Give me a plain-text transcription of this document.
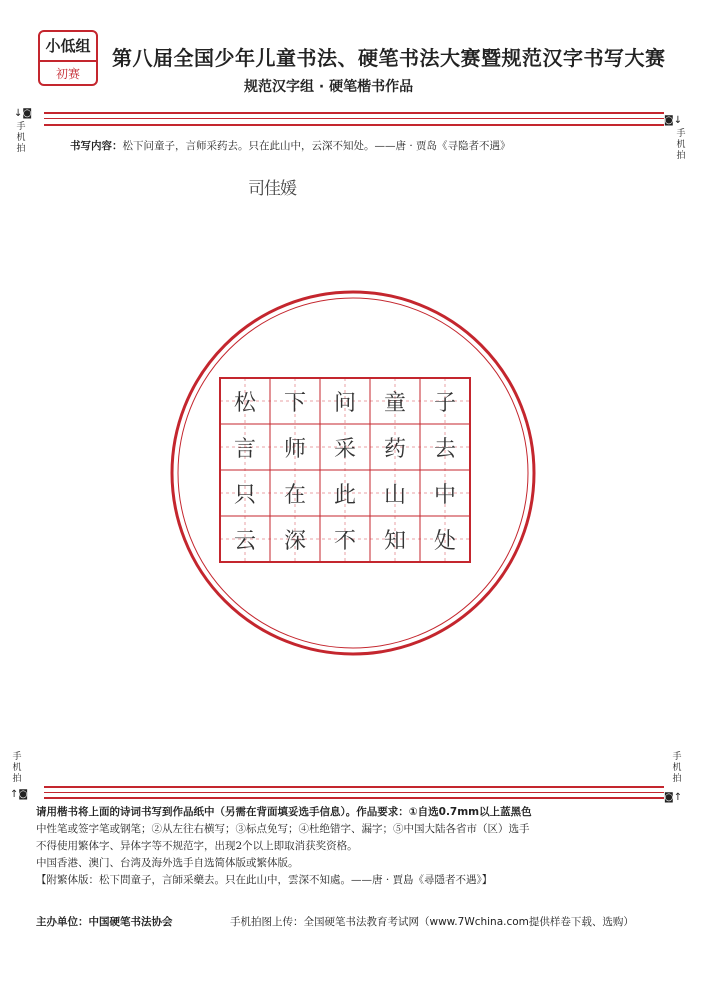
小低组
初赛
第八届全国少年儿童书法、硬笔书法大赛暨规范汉字书写大赛
规范汉字组 · 硬笔楷书作品
↓◙
手机拍
◙↓
手机拍
书写内容：松下问童子，言师采药去。只在此山中，云深不知处。——唐 · 贾岛《寻隐者不遇》
司佳媛
松	下	问	童	子
言	师	采	药	去
只	在	此	山	中
云	深	不	知	处
手机拍
↑◙
手机拍
◙↑
请用楷书将上面的诗词书写到作品纸中（另需在背面填妥选手信息）。作品要求：①自选0.7mm以上蓝黑色
中性笔或签字笔或钢笔；②从左往右横写；③标点免写；④杜绝错字、漏字；⑤中国大陆各省市（区）选手
不得使用繁体字、异体字等不规范字，出现2个以上即取消获奖资格。
中国香港、澳门、台湾及海外选手自选简体版或繁体版。
【附繁体版：松下問童子，言師采藥去。只在此山中，雲深不知處。——唐 · 賈島《尋隱者不遇》】
主办单位：中国硬笔书法协会	手机拍图上传：全国硬笔书法教育考试网（www.7Wchina.com提供样卷下载、选购）
